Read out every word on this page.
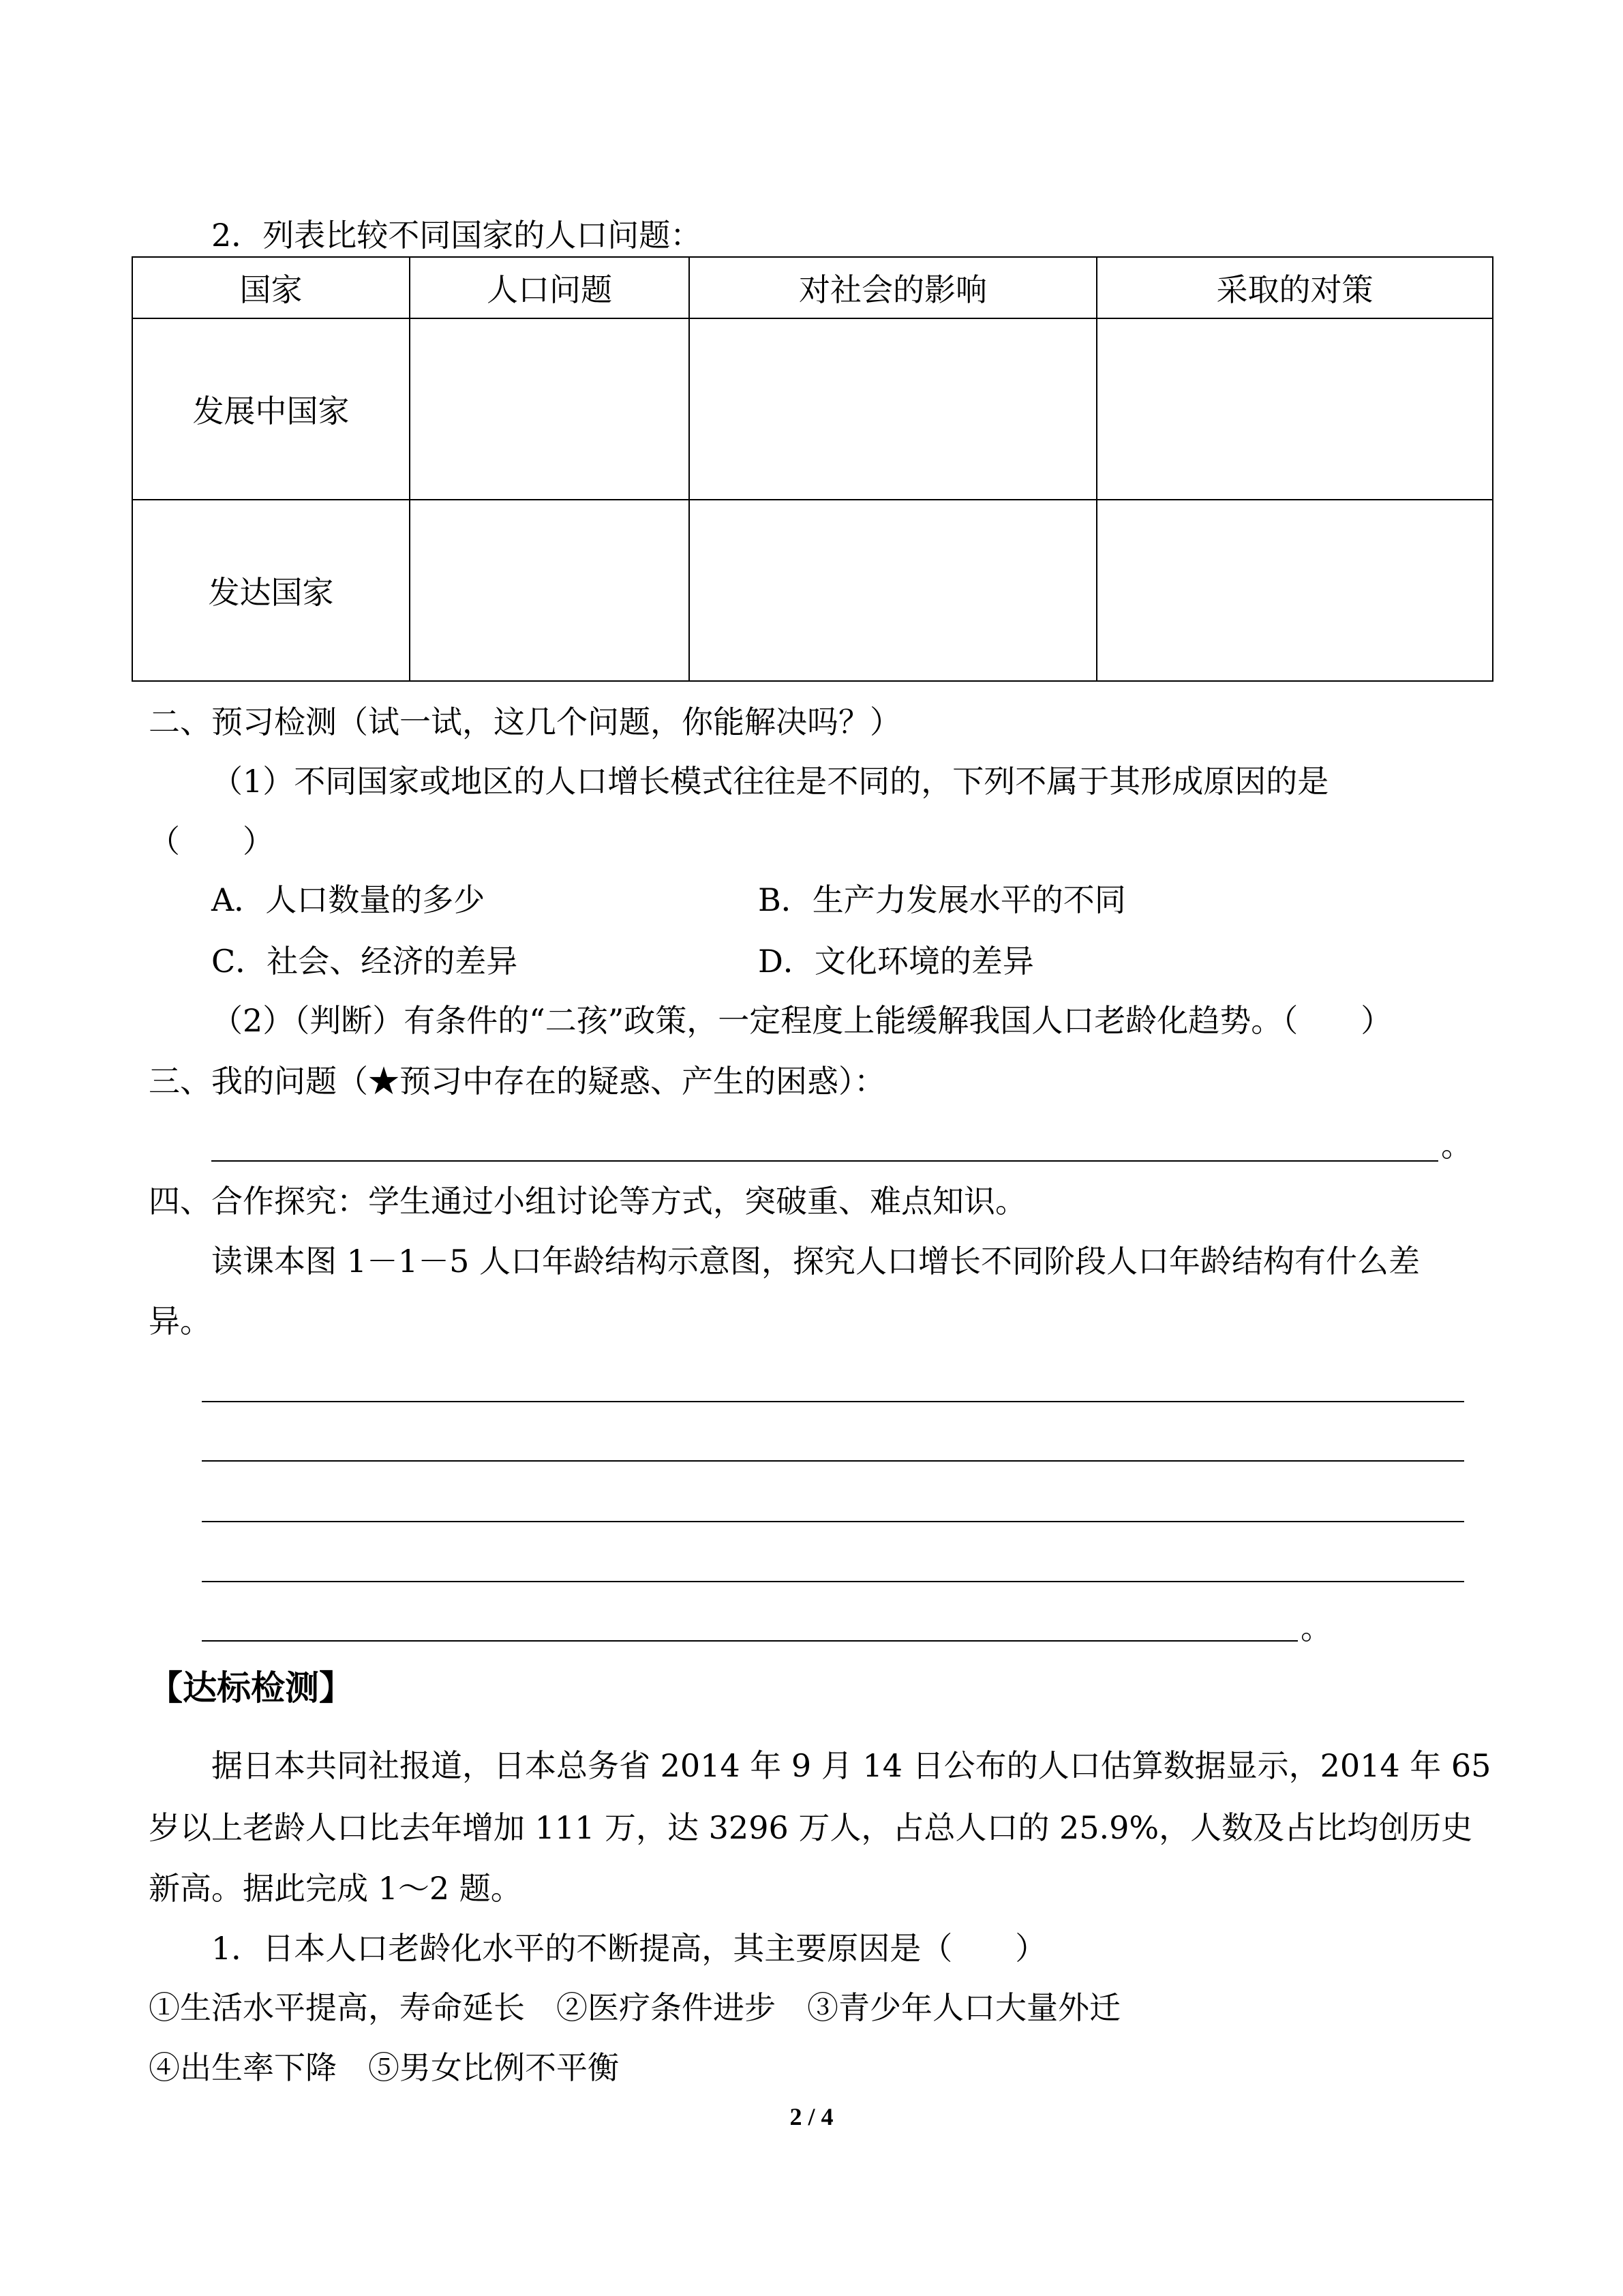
2．列表比较不同国家的人口问题：
国家	人口问题	对社会的影响	采取的对策
发展中国家			
发达国家			
二、预习检测（试一试，这几个问题，你能解决吗？）
（1）不同国家或地区的人口增长模式往往是不同的，下列不属于其形成原因的是
（　　）
A．人口数量的多少	B．生产力发展水平的不同
C．社会、经济的差异	D．文化环境的差异
（2）（判断）有条件的“二孩”政策，一定程度上能缓解我国人口老龄化趋势。（　　）
三、我的问题（★预习中存在的疑惑、产生的困惑）：
。
四、合作探究：学生通过小组讨论等方式，突破重、难点知识。
读课本图 1－1－5 人口年龄结构示意图，探究人口增长不同阶段人口年龄结构有什么差
异。
。
【达标检测】
据日本共同社报道，日本总务省 2014 年 9 月 14 日公布的人口估算数据显示，2014 年 65
岁以上老龄人口比去年增加 111 万，达 3296 万人，占总人口的 25.9%，人数及占比均创历史
新高。据此完成 1～2 题。
1．日本人口老龄化水平的不断提高，其主要原因是（　　）
①生活水平提高，寿命延长　②医疗条件进步　③青少年人口大量外迁
④出生率下降　⑤男女比例不平衡
2 / 4
